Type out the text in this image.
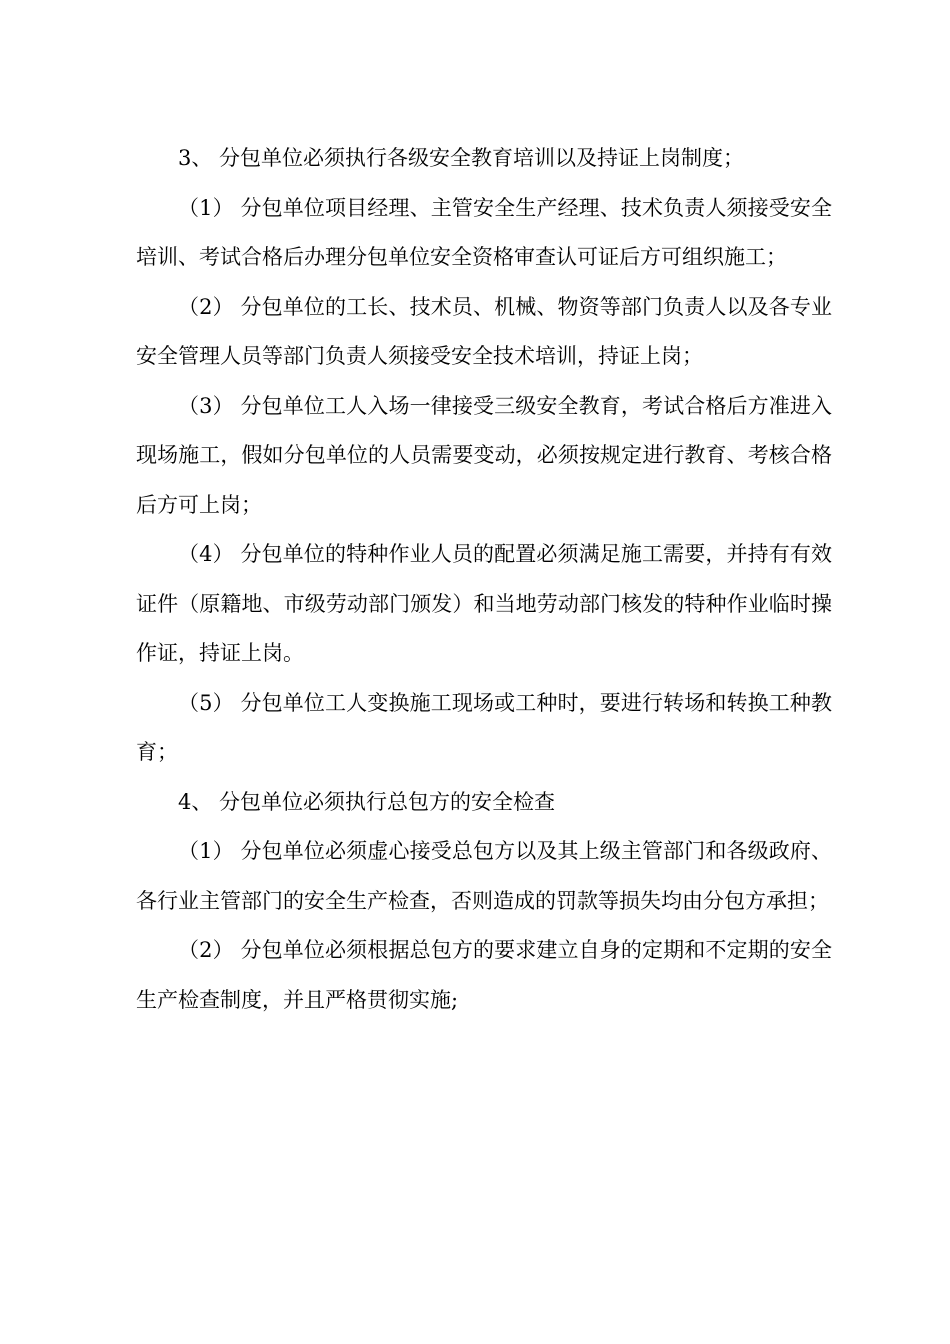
3、 分包单位必须执行各级安全教育培训以及持证上岗制度；

（1） 分包单位项目经理、主管安全生产经理、技术负责人须接受安全培训、考试合格后办理分包单位安全资格审查认可证后方可组织施工；

（2） 分包单位的工长、技术员、机械、物资等部门负责人以及各专业安全管理人员等部门负责人须接受安全技术培训，持证上岗；

（3） 分包单位工人入场一律接受三级安全教育，考试合格后方准进入现场施工，假如分包单位的人员需要变动，必须按规定进行教育、考核合格后方可上岗；

（4） 分包单位的特种作业人员的配置必须满足施工需要，并持有有效证件（原籍地、市级劳动部门颁发）和当地劳动部门核发的特种作业临时操作证，持证上岗。

（5） 分包单位工人变换施工现场或工种时，要进行转场和转换工种教育；

4、 分包单位必须执行总包方的安全检查

（1） 分包单位必须虚心接受总包方以及其上级主管部门和各级政府、各行业主管部门的安全生产检查，否则造成的罚款等损失均由分包方承担；

（2） 分包单位必须根据总包方的要求建立自身的定期和不定期的安全生产检查制度，并且严格贯彻实施;
